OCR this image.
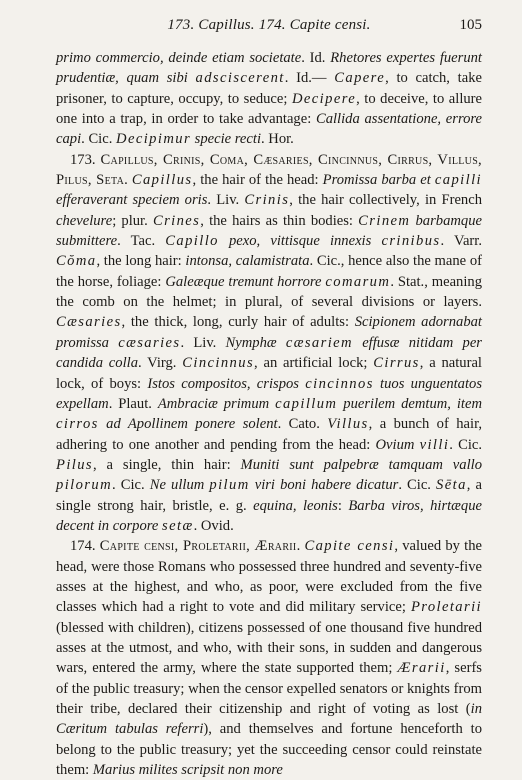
173. Capillus. 174. Capite censi.	105

primo commercio, deinde etiam societate. Id. Rhetores expertes fuerunt prudentiæ, quam sibi adsciscerent. Id.— Capere, to catch, take prisoner, to capture, occupy, to seduce; Decipere, to deceive, to allure one into a trap, in order to take advantage: Callida assentatione, errore capi. Cic. Decipimur specie recti. Hor.

173. Capillus, Crinis, Coma, Cæsaries, Cincinnus, Cirrus, Villus, Pilus, Seta. Capillus, the hair of the head: Promissa barba et capilli efferaverant speciem oris. Liv. Crinis, the hair collectively, in French chevelure; plur. Crines, the hairs as thin bodies: Crinem barbamque submittere. Tac. Capillo pexo, vittisque innexis crinibus. Varr. Cŏma, the long hair: intonsa, calamistrata. Cic., hence also the mane of the horse, foliage: Galeæque tremunt horrore comarum. Stat., meaning the comb on the helmet; in plural, of several divisions or layers. Cæsaries, the thick, long, curly hair of adults: Scipionem adornabat promissa cæsaries. Liv. Nymphæ cæsariem effusæ nitidam per candida colla. Virg. Cincinnus, an artificial lock; Cirrus, a natural lock, of boys: Istos compositos, crispos cincinnos tuos unguentatos expellam. Plaut. Ambraciæ primum capillum puerilem demtum, item cirros ad Apollinem ponere solent. Cato. Villus, a bunch of hair, adhering to one another and pending from the head: Ovium villi. Cic. Pilus, a single, thin hair: Muniti sunt palpebræ tamquam vallo pilorum. Cic. Ne ullum pilum viri boni habere dicatur. Cic. Sēta, a single strong hair, bristle, e. g. equina, leonis: Barba viros, hirtæque decent in corpore setæ. Ovid.

174. Capite censi, Proletarii, Ærarii. Capite censi, valued by the head, were those Romans who possessed three hundred and seventy-five asses at the highest, and who, as poor, were excluded from the five classes which had a right to vote and did military service; Proletarii (blessed with children), citizens possessed of one thousand five hundred asses at the utmost, and who, with their sons, in sudden and dangerous wars, entered the army, where the state supported them; Ærarii, serfs of the public treasury; when the censor expelled senators or knights from their tribe, declared their citizenship and right of voting as lost (in Cæritum tabulas referri), and themselves and fortune henceforth to belong to the public treasury; yet the succeeding censor could reinstate them: Marius milites scripsit non more
